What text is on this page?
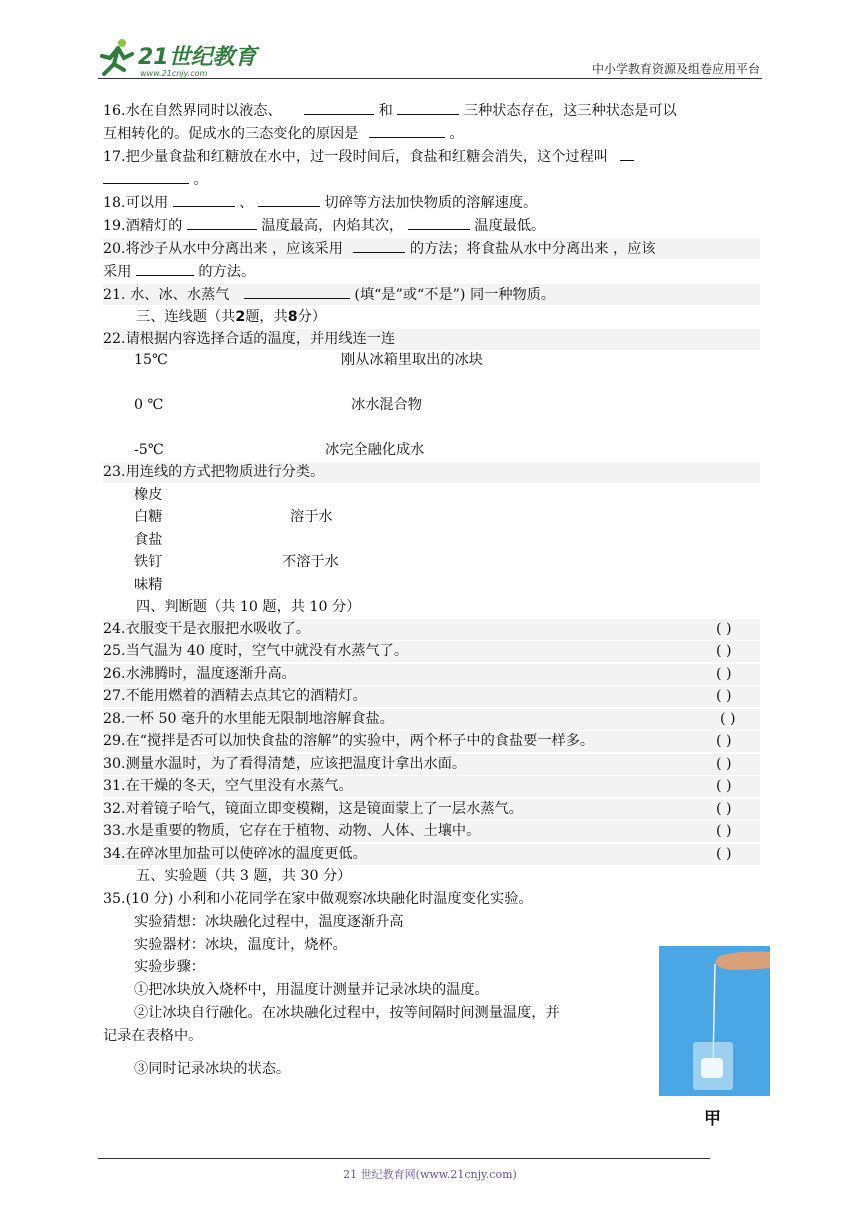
21世纪教育
www.21cnjy.com	中小学教育资源及组卷应用平台
16.水在自然界同时以液态、	和	三种状态存在，这三种状态是可以
互相转化的。促成水的三态变化的原因是	。
17.把少量食盐和红糖放在水中，过一段时间后，食盐和红糖会消失，这个过程叫
。
18.可以用	、	切碎等方法加快物质的溶解速度。
19.酒精灯的	温度最高，内焰其次，	温度最低。
20.将沙子从水中分离出来 ，应该采用	的方法；将食盐从水中分离出来 ，应该
采用	的方法。
21. 水、冰、水蒸气	(填“是”或“不是”) 同一种物质。
三、连线题（共2题，共8分）
22.请根据内容选择合适的温度，并用线连一连
15℃	刚从冰箱里取出的冰块
0 ℃	冰水混合物
-5℃	冰完全融化成水
23.用连线的方式把物质进行分类。
橡皮
白糖	溶于水
食盐
铁钉	不溶于水
味精
四、判断题（共 10 题，共 10 分）
24.衣服变干是衣服把水吸收了。	( )
25.当气温为 40 度时，空气中就没有水蒸气了。	( )
26.水沸腾时，温度逐渐升高。	( )
27.不能用燃着的酒精去点其它的酒精灯。	( )
28.一杯 50 毫升的水里能无限制地溶解食盐。	( )
29.在“搅拌是否可以加快食盐的溶解”的实验中，两个杯子中的食盐要一样多。	( )
30.测量水温时，为了看得清楚，应该把温度计拿出水面。	( )
31.在干燥的冬天，空气里没有水蒸气。	( )
32.对着镜子哈气，镜面立即变模糊，这是镜面蒙上了一层水蒸气。	( )
33.水是重要的物质，它存在于植物、动物、人体、土壤中。	( )
34.在碎冰里加盐可以使碎冰的温度更低。	( )
五、实验题（共 3 题，共 30 分）
35.(10 分) 小利和小花同学在家中做观察冰块融化时温度变化实验。
实验猜想：冰块融化过程中，温度逐渐升高
实验器材：冰块，温度计，烧杯。
实验步骤：
①把冰块放入烧杯中，用温度计测量并记录冰块的温度。
②让冰块自行融化。在冰块融化过程中，按等间隔时间测量温度，并
记录在表格中。
③同时记录冰块的状态。
甲
21 世纪教育网(www.21cnjy.com)
